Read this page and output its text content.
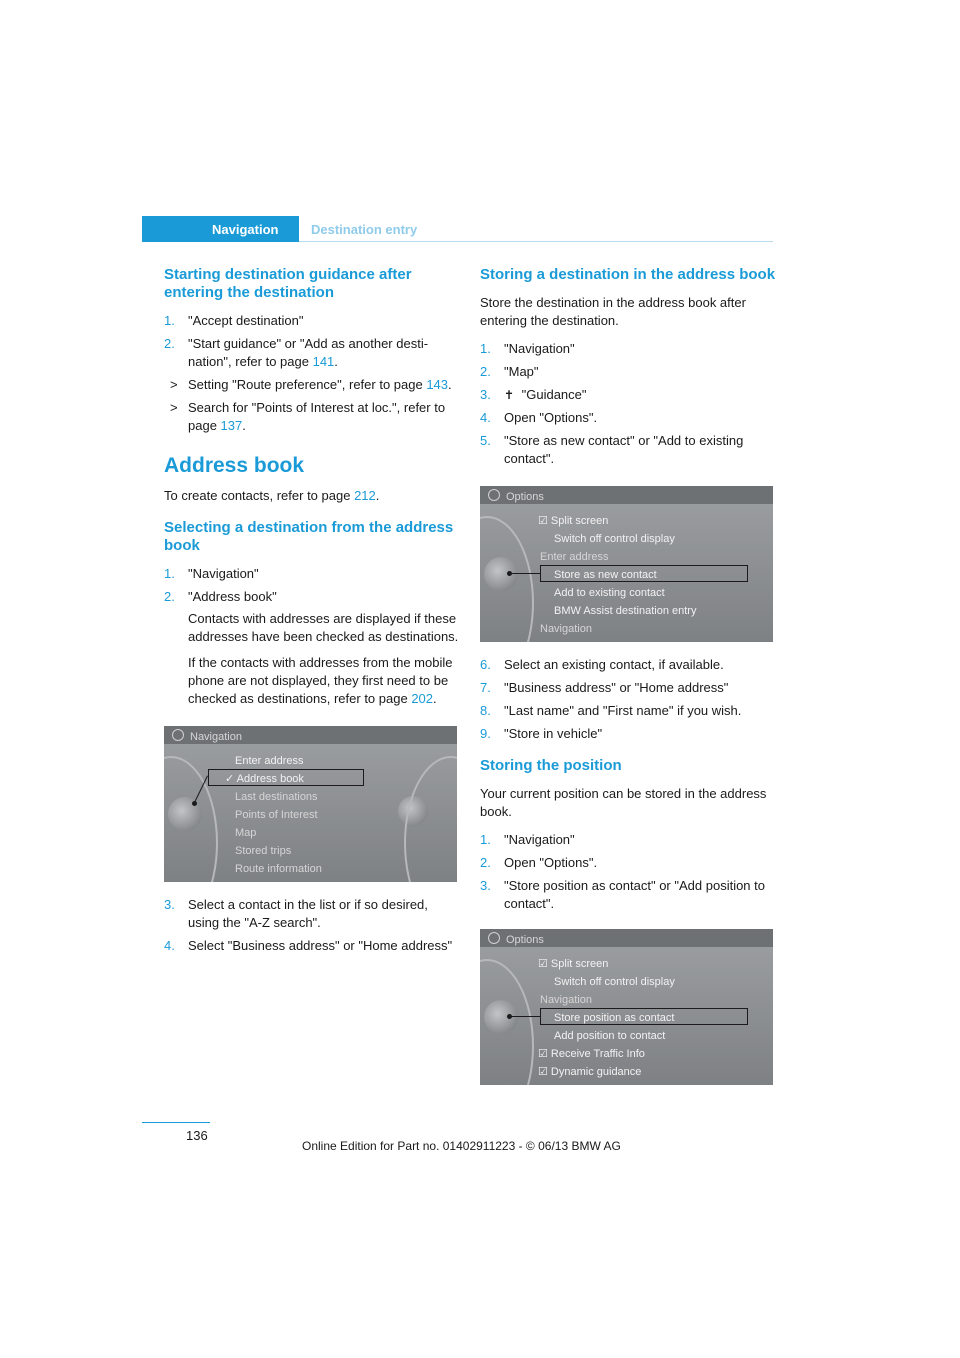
Navigation	Destination entry
Starting destination guidance after entering the destination
1. "Accept destination"
2. "Start guidance" or "Add as another desti-nation", refer to page 141.
> Setting "Route preference", refer to page 143.
> Search for "Points of Interest at loc.", refer to page 137.
Address book

To create contacts, refer to page 212.

Selecting a destination from the address book
1. "Navigation"
2. "Address book"
Contacts with addresses are displayed if these addresses have been checked as destinations.
If the contacts with addresses from the mobile phone are not displayed, they first need to be checked as destinations, refer to page 202.
Navigation
Enter address
✓ Address book
Last destinations
Points of Interest
Map
Stored trips
Route information
3. Select a contact in the list or if so desired, using the "A-Z search".
4. Select "Business address" or "Home address"
Storing a destination in the address book

Store the destination in the address book after entering the destination.

1. "Navigation"
2. "Map"
3. ✝ "Guidance"
4. Open "Options".
5. "Store as new contact" or "Add to existing contact".
Options
☑ Split screen
Switch off control display
Enter address
Store as new contact
Add to existing contact
BMW Assist destination entry
Navigation
6. Select an existing contact, if available.
7. "Business address" or "Home address"
8. "Last name" and "First name" if you wish.
9. "Store in vehicle"
Storing the position

Your current position can be stored in the address book.

1. "Navigation"
2. Open "Options".
3. "Store position as contact" or "Add position to contact".
Options
☑ Split screen
Switch off control display
Navigation
Store position as contact
Add position to contact
☑ Receive Traffic Info
☑ Dynamic guidance
136
Online Edition for Part no. 01402911223 - © 06/13 BMW AG
